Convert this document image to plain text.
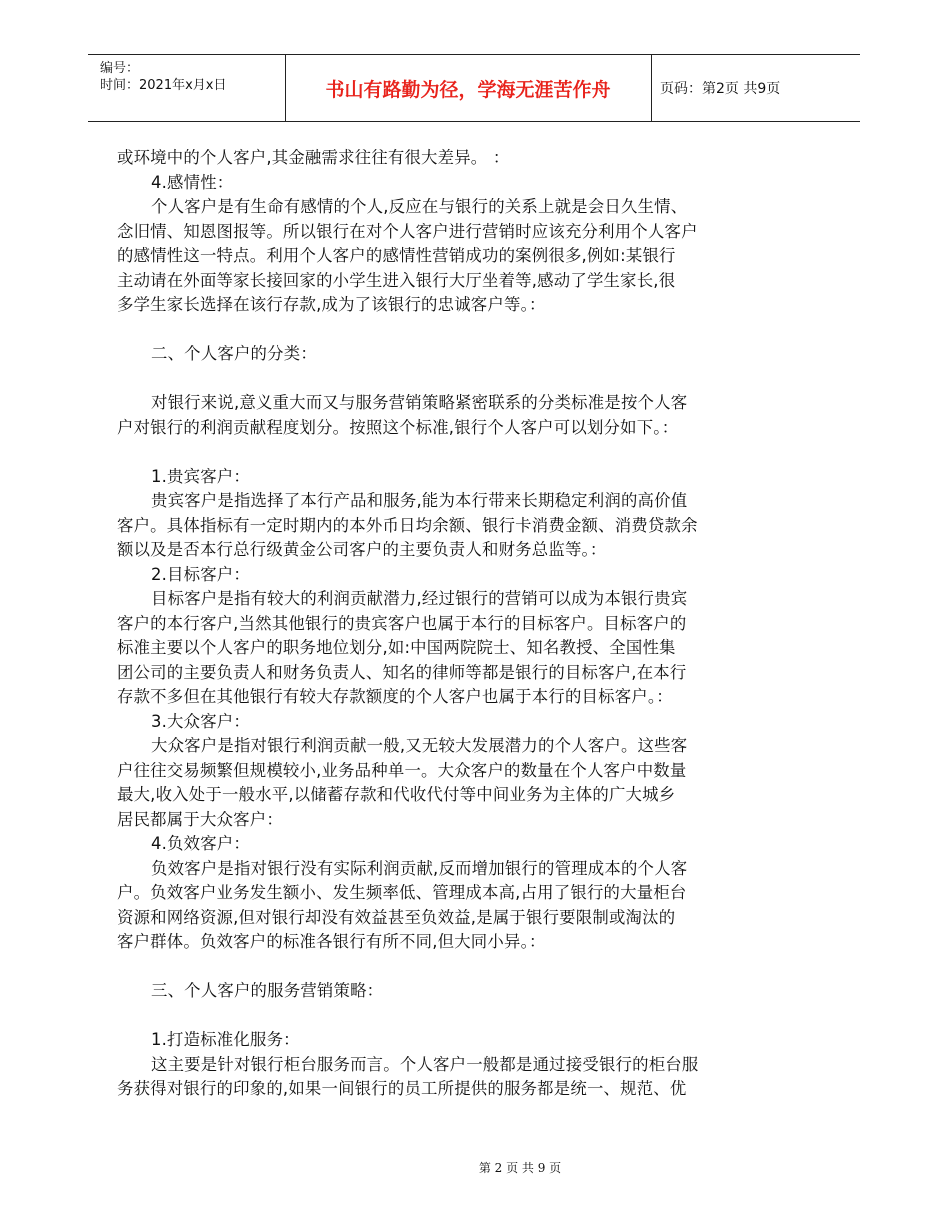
编号：
时间：2021年x月x日	书山有路勤为径，学海无涯苦作舟	页码：第2页 共9页

或环境中的个人客户,其金融需求往往有很大差异。 ：

4.感情性：

个人客户是有生命有感情的个人,反应在与银行的关系上就是会日久生情、

念旧情、知恩图报等。所以银行在对个人客户进行营销时应该充分利用个人客户

的感情性这一特点。利用个人客户的感情性营销成功的案例很多,例如:某银行

主动请在外面等家长接回家的小学生进入银行大厅坐着等,感动了学生家长,很

多学生家长选择在该行存款,成为了该银行的忠诚客户等。：

二、个人客户的分类：

对银行来说,意义重大而又与服务营销策略紧密联系的分类标准是按个人客

户对银行的利润贡献程度划分。按照这个标准,银行个人客户可以划分如下。：

1.贵宾客户：

贵宾客户是指选择了本行产品和服务,能为本行带来长期稳定利润的高价值

客户。具体指标有一定时期内的本外币日均余额、银行卡消费金额、消费贷款余

额以及是否本行总行级黄金公司客户的主要负责人和财务总监等。：

2.目标客户：

目标客户是指有较大的利润贡献潜力,经过银行的营销可以成为本银行贵宾

客户的本行客户,当然其他银行的贵宾客户也属于本行的目标客户。目标客户的

标准主要以个人客户的职务地位划分,如:中国两院院士、知名教授、全国性集

团公司的主要负责人和财务负责人、知名的律师等都是银行的目标客户,在本行

存款不多但在其他银行有较大存款额度的个人客户也属于本行的目标客户。：

3.大众客户：

大众客户是指对银行利润贡献一般,又无较大发展潜力的个人客户。这些客

户往往交易频繁但规模较小,业务品种单一。大众客户的数量在个人客户中数量

最大,收入处于一般水平,以储蓄存款和代收代付等中间业务为主体的广大城乡

居民都属于大众客户：

4.负效客户：

负效客户是指对银行没有实际利润贡献,反而增加银行的管理成本的个人客

户。负效客户业务发生额小、发生频率低、管理成本高,占用了银行的大量柜台

资源和网络资源,但对银行却没有效益甚至负效益,是属于银行要限制或淘汰的

客户群体。负效客户的标准各银行有所不同,但大同小异。：

三、个人客户的服务营销策略：

1.打造标准化服务：

这主要是针对银行柜台服务而言。个人客户一般都是通过接受银行的柜台服

务获得对银行的印象的,如果一间银行的员工所提供的服务都是统一、规范、优

第 2 页 共 9 页
